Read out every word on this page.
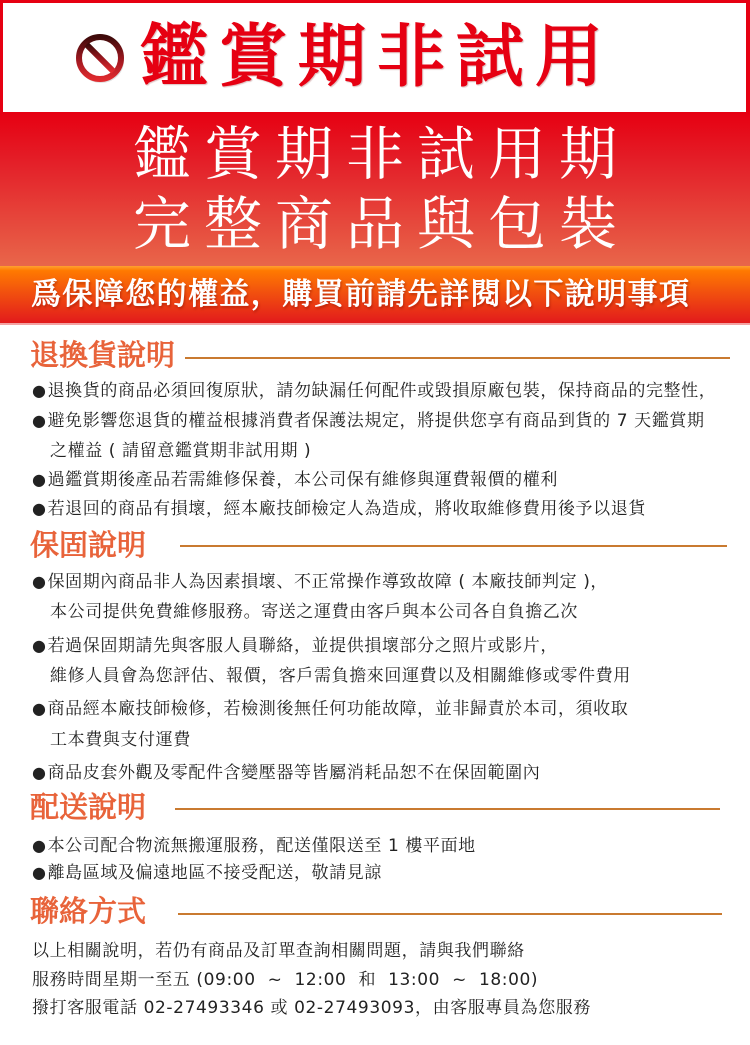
鑑賞期非試用
鑑賞期非試用期
完整商品與包裝
爲保障您的權益，購買前請先詳閱以下說明事項
退換貨說明
●退換貨的商品必須回復原狀，請勿缺漏任何配件或毀損原廠包裝，保持商品的完整性，
●避免影響您退貨的權益根據消費者保護法規定，將提供您享有商品到貨的 7 天鑑賞期
之權益 ( 請留意鑑賞期非試用期 )
●過鑑賞期後產品若需維修保養，本公司保有維修與運費報價的權利
●若退回的商品有損壞，經本廠技師檢定人為造成，將收取維修費用後予以退貨
保固說明
●保固期內商品非人為因素損壞、不正常操作導致故障 ( 本廠技師判定 )，
本公司提供免費維修服務。寄送之運費由客戶與本公司各自負擔乙次
●若過保固期請先與客服人員聯絡，並提供損壞部分之照片或影片，
維修人員會為您評估、報價，客戶需負擔來回運費以及相關維修或零件費用
●商品經本廠技師檢修，若檢測後無任何功能故障，並非歸責於本司，須收取
工本費與支付運費
●商品皮套外觀及零配件含變壓器等皆屬消耗品恕不在保固範圍內
配送說明
●本公司配合物流無搬運服務，配送僅限送至 1 樓平面地
●離島區域及偏遠地區不接受配送，敬請見諒
聯絡方式
以上相關說明，若仍有商品及訂單查詢相關問題，請與我們聯絡
服務時間星期一至五 (09:00  ~  12:00  和  13:00  ~  18:00)
撥打客服電話 02-27493346 或 02-27493093，由客服專員為您服務
